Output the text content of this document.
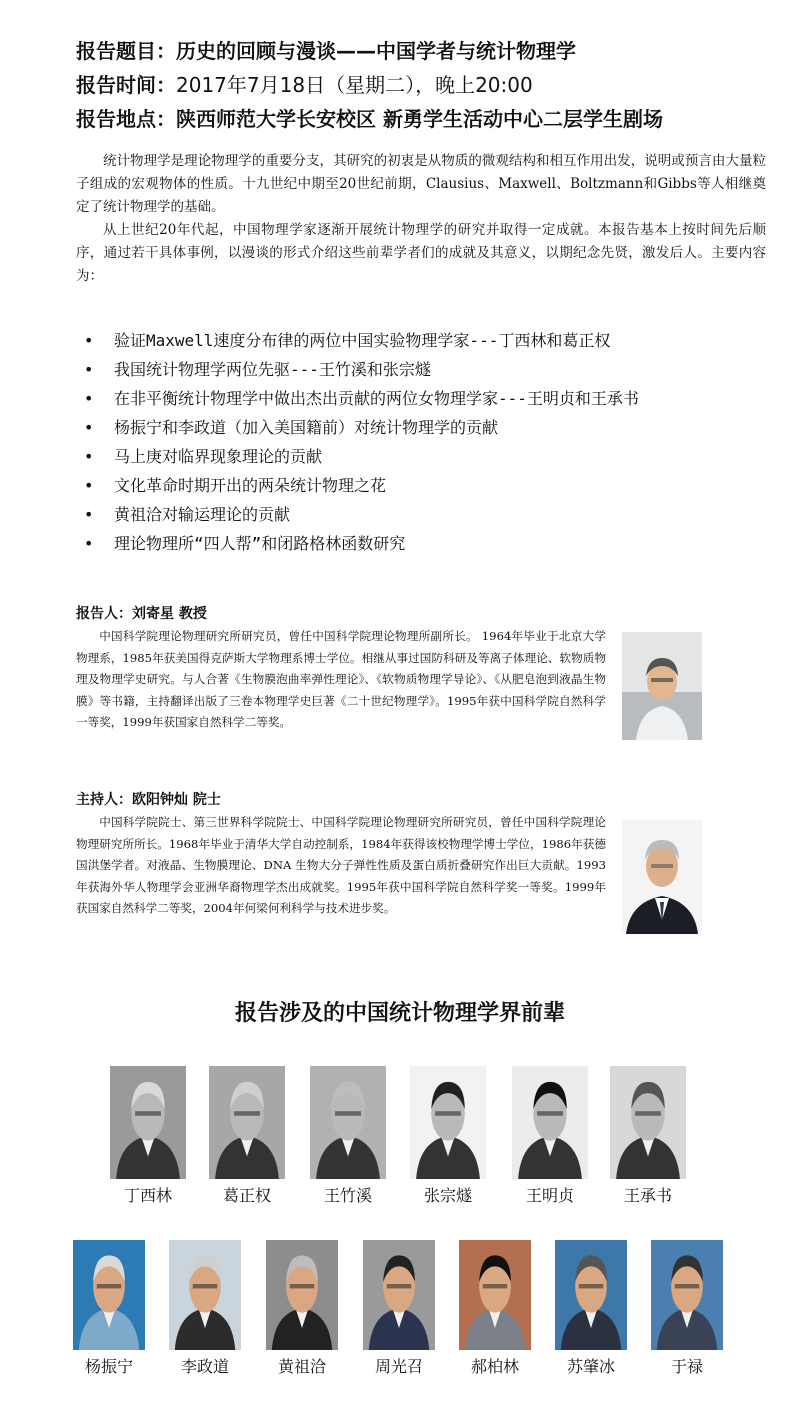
报告题目：历史的回顾与漫谈——中国学者与统计物理学
报告时间：2017年7月18日（星期二），晚上20:00
报告地点：陕西师范大学长安校区 新勇学生活动中心二层学生剧场

统计物理学是理论物理学的重要分支，其研究的初衷是从物质的微观结构和相互作用出发，说明或预言由大量粒子组成的宏观物体的性质。十九世纪中期至20世纪前期，Clausius、Maxwell、Boltzmann和Gibbs等人相继奠定了统计物理学的基础。

从上世纪20年代起，中国物理学家逐渐开展统计物理学的研究并取得一定成就。本报告基本上按时间先后顺序，通过若干具体事例，以漫谈的形式介绍这些前辈学者们的成就及其意义，以期纪念先贤，激发后人。主要内容为：

•	验证Maxwell速度分布律的两位中国实验物理学家---丁西林和葛正权
•	我国统计物理学两位先驱---王竹溪和张宗燧
•	在非平衡统计物理学中做出杰出贡献的两位女物理学家---王明贞和王承书
•	杨振宁和李政道（加入美国籍前）对统计物理学的贡献
•	马上庚对临界现象理论的贡献
•	文化革命时期开出的两朵统计物理之花
•	黄祖洽对输运理论的贡献
•	理论物理所“四人帮”和闭路格林函数研究
报告人：刘寄星 教授
中国科学院理论物理研究所研究员，曾任中国科学院理论物理所副所长。 1964年毕业于北京大学物理系，1985年获美国得克萨斯大学物理系博士学位。相继从事过国防科研及等离子体理论、软物质物理及物理学史研究。与人合著《生物膜泡曲率弹性理论》、《软物质物理学导论》、《从肥皂泡到液晶生物膜》等书籍，主持翻译出版了三卷本物理学史巨著《二十世纪物理学》。1995年获中国科学院自然科学一等奖，1999年获国家自然科学二等奖。
主持人：欧阳钟灿 院士
中国科学院院士、第三世界科学院院士、中国科学院理论物理研究所研究员，曾任中国科学院理论物理研究所所长。1968年毕业于清华大学自动控制系，1984年获得该校物理学博士学位，1986年获德国洪堡学者。对液晶、生物膜理论、DNA 生物大分子弹性性质及蛋白质折叠研究作出巨大贡献。1993年获海外华人物理学会亚洲华裔物理学杰出成就奖。1995年获中国科学院自然科学奖一等奖。1999年获国家自然科学二等奖，2004年何梁何利科学与技术进步奖。
报告涉及的中国统计物理学界前辈
丁西林	葛正权	王竹溪	张宗燧	王明贞	王承书
杨振宁	李政道	黄祖洽	周光召	郝柏林	苏肇冰	于禄
